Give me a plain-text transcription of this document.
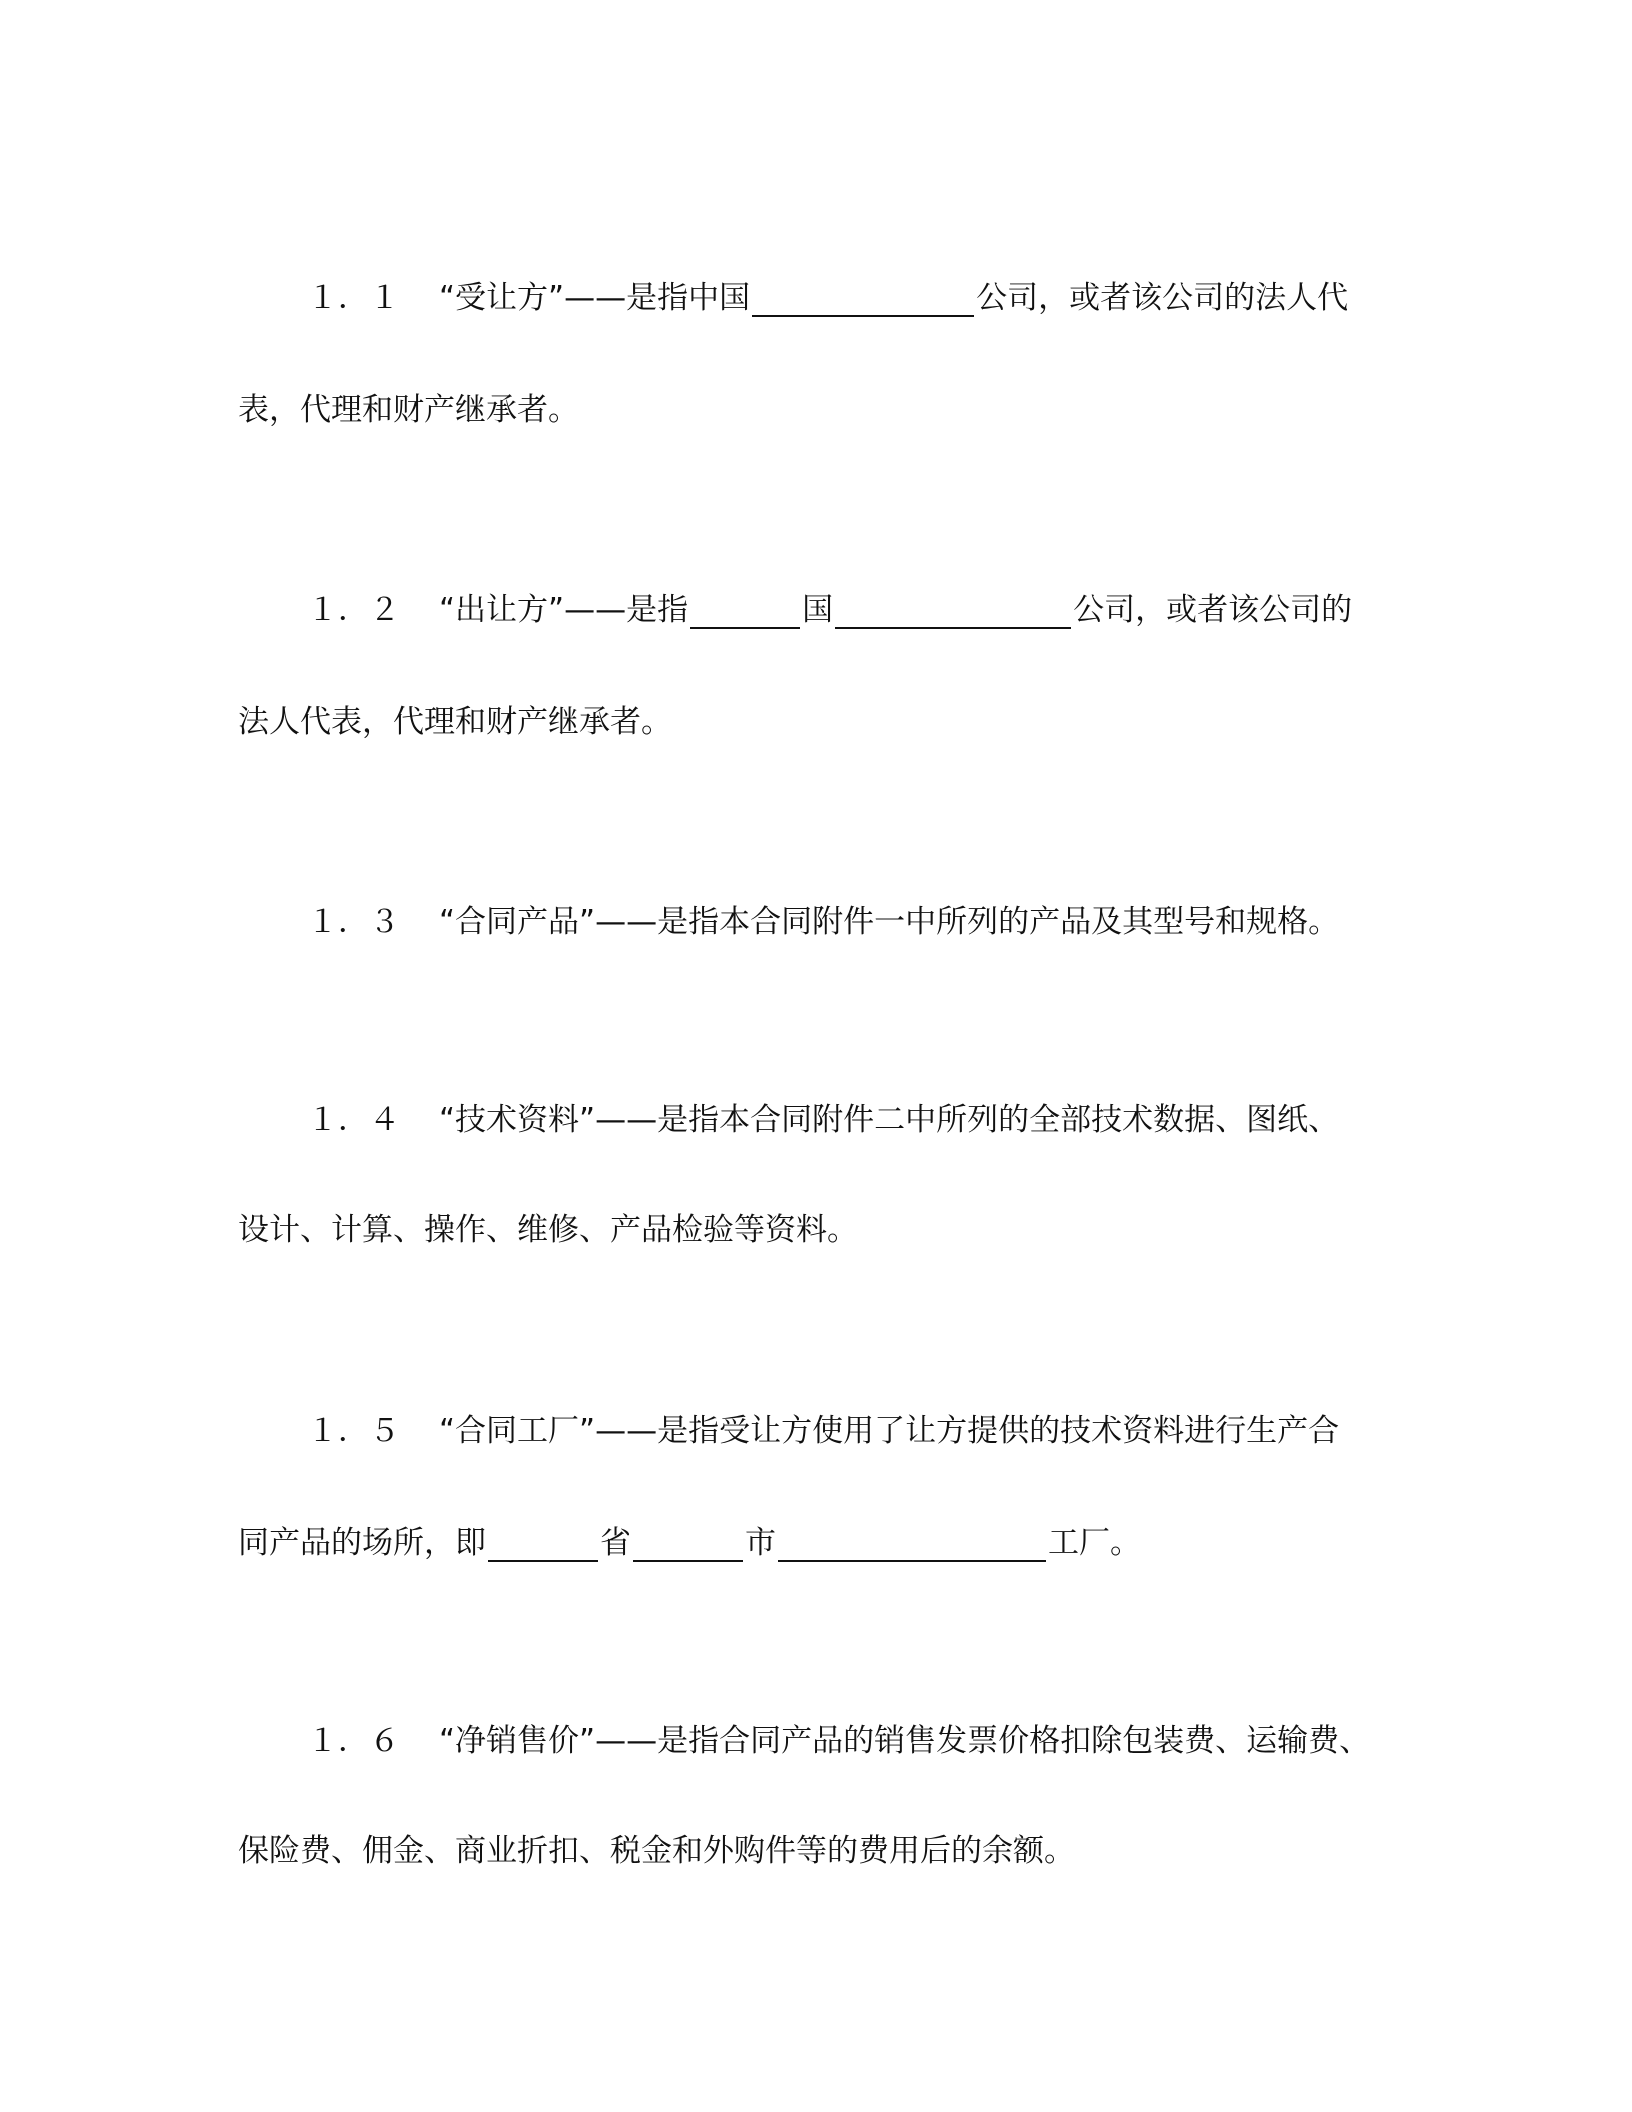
１．１	“受让方”——是指中国	公司，或者该公司的法人代
表，代理和财产继承者。
１．２	“出让方”——是指	国	公司，或者该公司的
法人代表，代理和财产继承者。
１．３	“合同产品”——是指本合同附件一中所列的产品及其型号和规格。
１．４	“技术资料”——是指本合同附件二中所列的全部技术数据、图纸、
设计、计算、操作、维修、产品检验等资料。
１．５	“合同工厂”——是指受让方使用了让方提供的技术资料进行生产合
同产品的场所，即	省	市	工厂。
１．６	“净销售价”——是指合同产品的销售发票价格扣除包装费、运输费、
保险费、佣金、商业折扣、税金和外购件等的费用后的余额。
